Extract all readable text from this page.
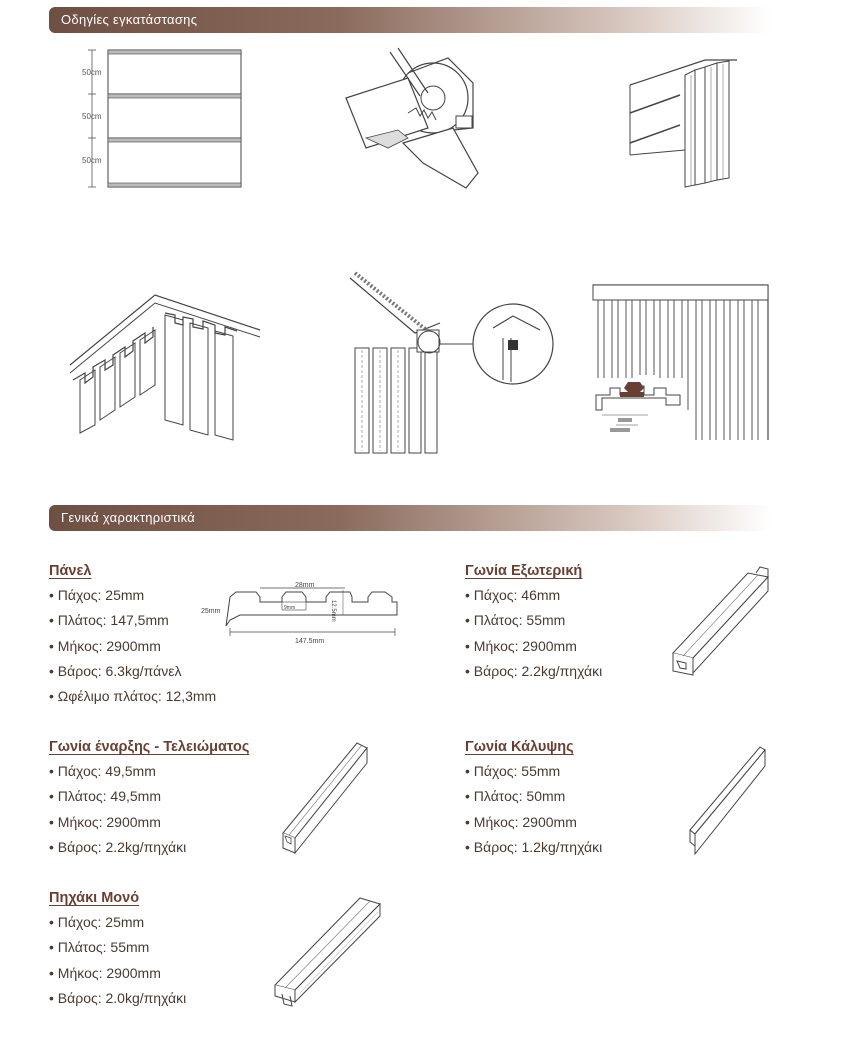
Οδηγίες εγκατάστασης
50cm
50cm
50cm
Γενικά χαρακτηριστικά
Πάνελ
• Πάχος: 25mm
• Πλάτος: 147,5mm
• Μήκος: 2900mm
• Βάρος: 6.3kg/πάνελ
• Ωφέλιμο πλάτος: 12,3mm
28mm
25mm	9mm	12.5mm
147.5mm
Γωνία Εξωτερική
• Πάχος: 46mm
• Πλάτος: 55mm
• Μήκος: 2900mm
• Βάρος: 2.2kg/πηχάκι
Γωνία έναρξης - Τελειώματος
• Πάχος: 49,5mm
• Πλάτος: 49,5mm
• Μήκος: 2900mm
• Βάρος: 2.2kg/πηχάκι
Γωνία Κάλυψης
• Πάχος: 55mm
• Πλάτος: 50mm
• Μήκος: 2900mm
• Βάρος: 1.2kg/πηχάκι
Πηχάκι Μονό
• Πάχος: 25mm
• Πλάτος: 55mm
• Μήκος: 2900mm
• Βάρος: 2.0kg/πηχάκι
